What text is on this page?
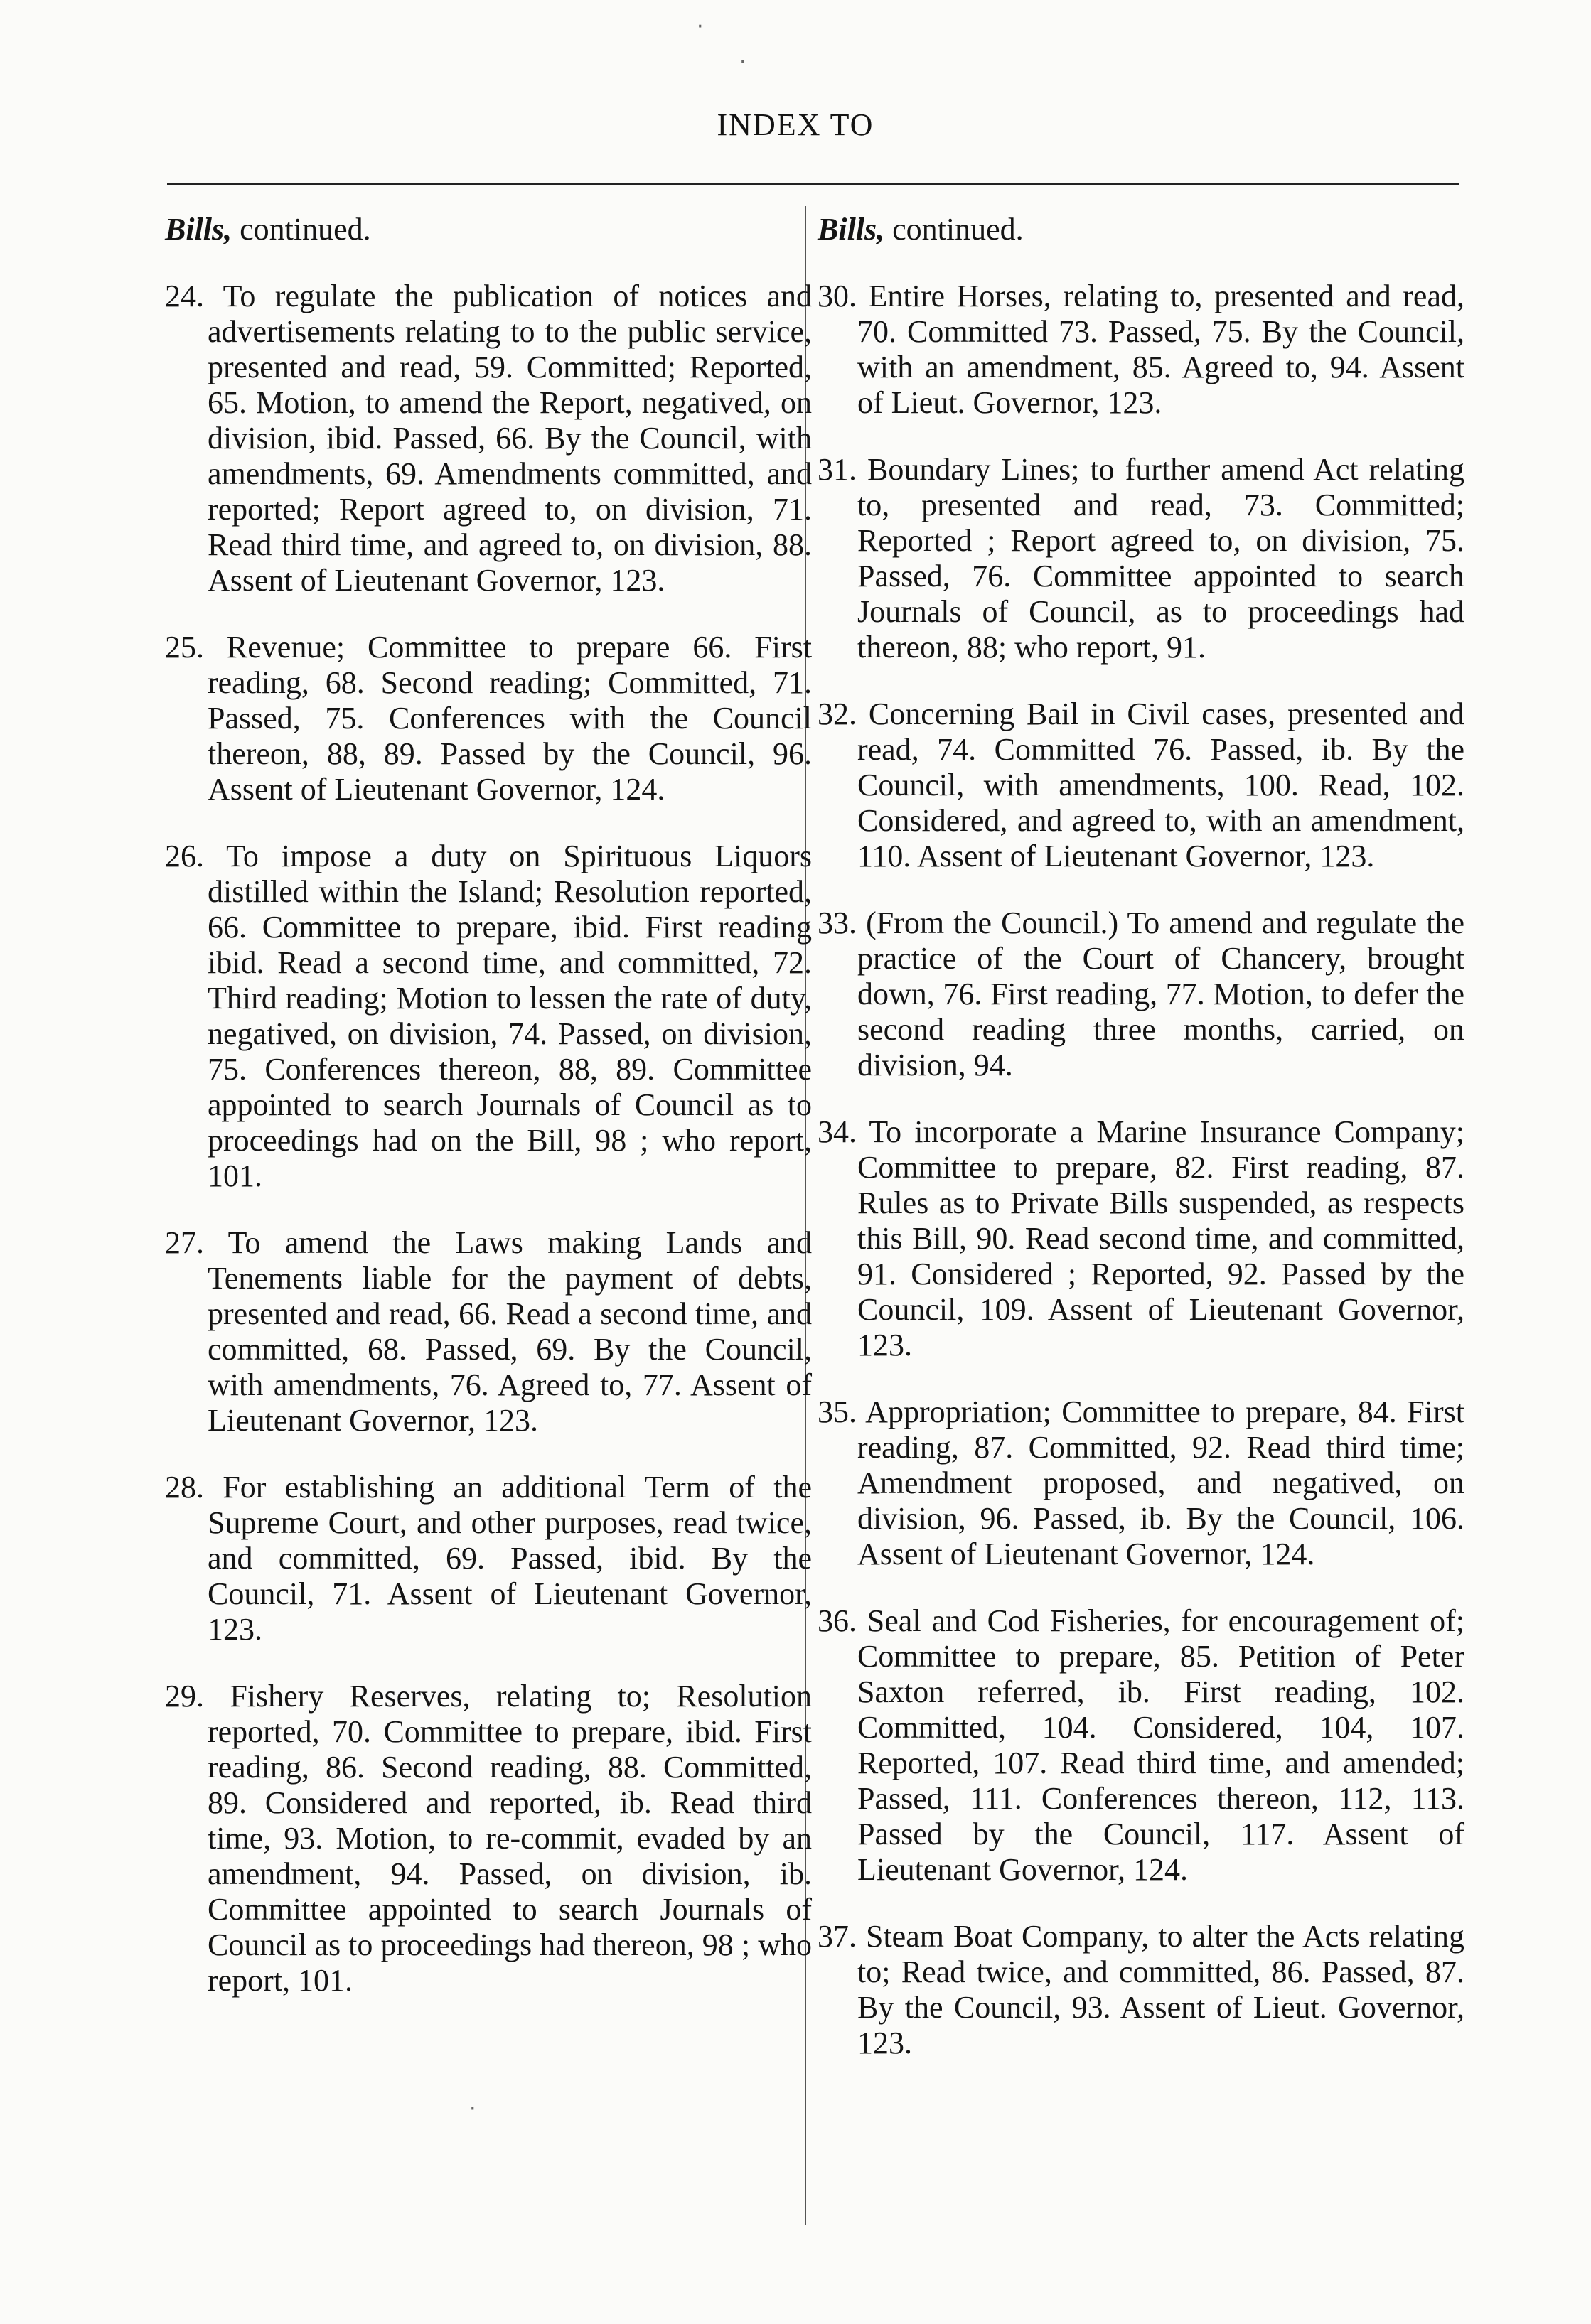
INDEX TO
Bills, continued.

24. To regulate the publication of notices and advertisements relating to to the public service, presented and read, 59. Committed; Reported, 65. Motion, to amend the Report, negatived, on division, ibid. Passed, 66. By the Council, with amendments, 69. Amendments committed, and reported; Report agreed to, on division, 71. Read third time, and agreed to, on division, 88. Assent of Lieutenant Governor, 123.

25. Revenue; Committee to prepare 66. First reading, 68. Second reading; Committed, 71. Passed, 75. Conferences with the Council thereon, 88, 89. Passed by the Council, 96. Assent of Lieutenant Governor, 124.

26. To impose a duty on Spirituous Liquors distilled within the Island; Resolution reported, 66. Committee to prepare, ibid. First reading ibid. Read a second time, and committed, 72. Third reading; Motion to lessen the rate of duty, negatived, on division, 74. Passed, on division, 75. Conferences thereon, 88, 89. Committee appointed to search Journals of Council as to proceedings had on the Bill, 98 ; who report, 101.

27. To amend the Laws making Lands and Tenements liable for the payment of debts, presented and read, 66. Read a second time, and committed, 68. Passed, 69. By the Council, with amendments, 76. Agreed to, 77. Assent of Lieutenant Governor, 123.

28. For establishing an additional Term of the Supreme Court, and other purposes, read twice, and committed, 69. Passed, ibid. By the Council, 71. Assent of Lieutenant Governor, 123.

29. Fishery Reserves, relating to; Resolution reported, 70. Committee to prepare, ibid. First reading, 86. Second reading, 88. Committed, 89. Considered and reported, ib. Read third time, 93. Motion, to re-commit, evaded by an amendment, 94. Passed, on division, ib. Committee appointed to search Journals of Council as to proceedings had thereon, 98 ; who report, 101.

Bills, continued.

30. Entire Horses, relating to, presented and read, 70. Committed 73. Passed, 75. By the Council, with an amendment, 85. Agreed to, 94. Assent of Lieut. Governor, 123.

31. Boundary Lines; to further amend Act relating to, presented and read, 73. Committed; Reported ; Report agreed to, on division, 75. Passed, 76. Committee appointed to search Journals of Council, as to proceedings had thereon, 88; who report, 91.

32. Concerning Bail in Civil cases, presented and read, 74. Committed 76. Passed, ib. By the Council, with amendments, 100. Read, 102. Considered, and agreed to, with an amendment, 110. Assent of Lieutenant Governor, 123.

33. (From the Council.) To amend and regulate the practice of the Court of Chancery, brought down, 76. First reading, 77. Motion, to defer the second reading three months, carried, on division, 94.

34. To incorporate a Marine Insurance Company; Committee to prepare, 82. First reading, 87. Rules as to Private Bills suspended, as respects this Bill, 90. Read second time, and committed, 91. Considered ; Reported, 92. Passed by the Council, 109. Assent of Lieutenant Governor, 123.

35. Appropriation; Committee to prepare, 84. First reading, 87. Committed, 92. Read third time; Amendment proposed, and negatived, on division, 96. Passed, ib. By the Council, 106. Assent of Lieutenant Governor, 124.

36. Seal and Cod Fisheries, for encouragement of; Committee to prepare, 85. Petition of Peter Saxton referred, ib. First reading, 102. Committed, 104. Considered, 104, 107. Reported, 107. Read third time, and amended; Passed, 111. Conferences thereon, 112, 113. Passed by the Council, 117. Assent of Lieutenant Governor, 124.

37. Steam Boat Company, to alter the Acts relating to; Read twice, and committed, 86. Passed, 87. By the Council, 93. Assent of Lieut. Governor, 123.

·
·
·
